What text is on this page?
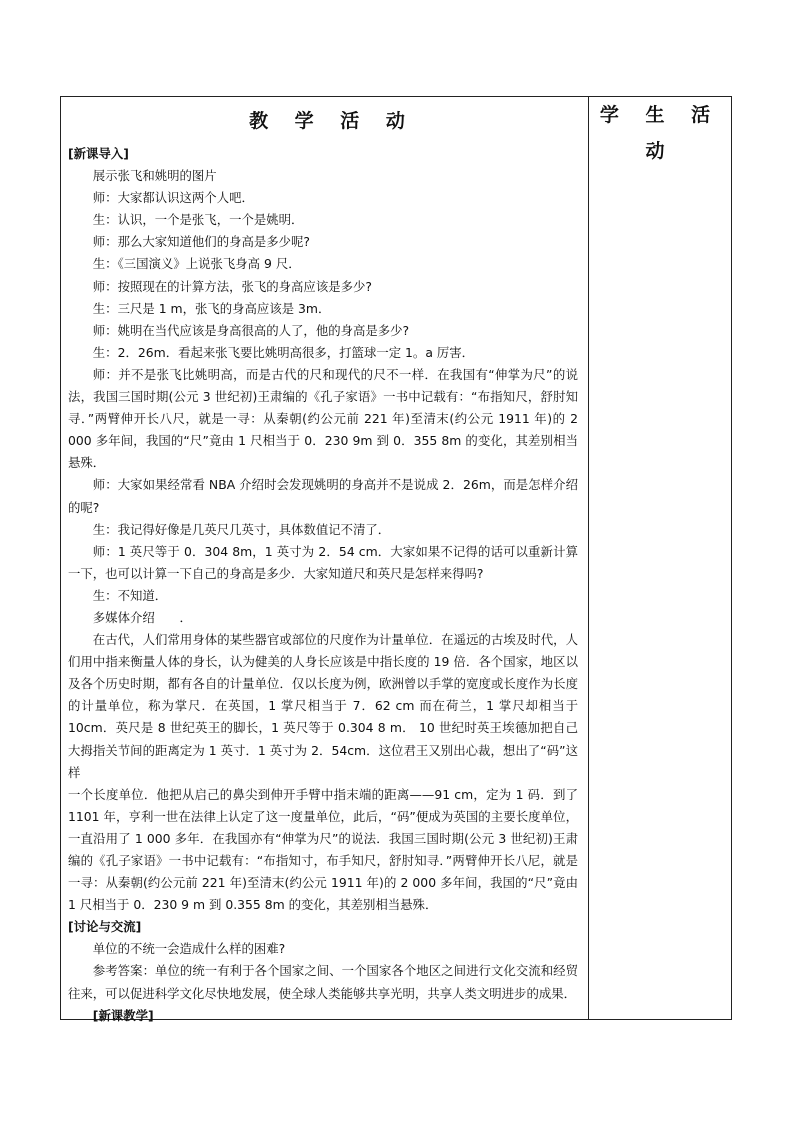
教 学 活 动

[新课导入]

展示张飞和姚明的图片

师：大家都认识这两个人吧．

生：认识，一个是张飞，一个是姚明．

师：那么大家知道他们的身高是多少呢?

生：《三国演义》上说张飞身高 9 尺．

师：按照现在的计算方法，张飞的身高应该是多少?

生：三尺是 1 m，张飞的身高应该是 3m．

师：姚明在当代应该是身高很高的人了，他的身高是多少?

生：2．26m．看起来张飞要比姚明高很多，打篮球一定 1。a 厉害．

师：并不是张飞比姚明高，而是古代的尺和现代的尺不一样．在我国有“伸掌为尺”的说法，我国三国时期(公元 3 世纪初)王肃编的《孔子家语》一书中记载有：“布指知尺，舒肘知寻．”两臂伸开长八尺，就是一寻：从秦朝(约公元前 221 年)至清末(约公元 1911 年)的 2 000 多年间，我国的“尺”竟由 1 尺相当于 0．230 9m 到 0．355 8m 的变化，其差别相当悬殊．

师：大家如果经常看 NBA 介绍时会发现姚明的身高并不是说成 2．26m，而是怎样介绍的呢?

生：我记得好像是几英尺几英寸，具体数值记不清了．

师：1 英尺等于 0．304 8m，1 英寸为 2．54 cm．大家如果不记得的话可以重新计算一下，也可以计算一下自己的身高是多少．大家知道尺和英尺是怎样来得吗?

生：不知道．

多媒体介绍　　．

在古代，人们常用身体的某些器官或部位的尺度作为计量单位．在遥远的古埃及时代，人们用中指来衡量人体的身长，认为健美的人身长应该是中指长度的 19 倍．各个国家，地区以及各个历史时期，都有各自的计量单位．仅以长度为例，欧洲曾以手掌的宽度或长度作为长度的计量单位，称为掌尺．在英国，1 掌尺相当于 7．62 cm 而在荷兰，1 掌尺却相当于 10cm．英尺是 8 世纪英王的脚长，1 英尺等于 0.304 8 m． 10 世纪时英王埃德加把自己大拇指关节间的距离定为 1 英寸．1 英寸为 2．54cm．这位君王又别出心裁，想出了“码”这样

一个长度单位．他把从启己的鼻尖到伸开手臂中指末端的距离——91 cm，定为 1 码．到了 1101 年，亨利一世在法律上认定了这一度量单位，此后，“码”便成为英国的主要长度单位，一直沿用了 1 000 多年．在我国亦有“伸掌为尺”的说法．我国三国时期(公元 3 世纪初)王肃编的《孔子家语》一书中记载有：“布指知寸，布手知尺，舒肘知寻．”两臂伸开长八尼，就是一寻：从秦朝(约公元前 221 年)至清末(约公元 1911 年)的 2 000 多年间，我国的“尺”竟由 1 尺相当于 0．230 9 m 到 0.355 8m 的变化，其差别相当悬殊．

[讨论与交流]

单位的不统一会造成什么样的困难?

参考答案：单位的统一有利于各个国家之间、一个国家各个地区之间进行文化交流和经贸往来，可以促进科学文化尽快地发展，使全球人类能够共享光明，共享人类文明进步的成果．

[新课教学]

学 生 活 动
